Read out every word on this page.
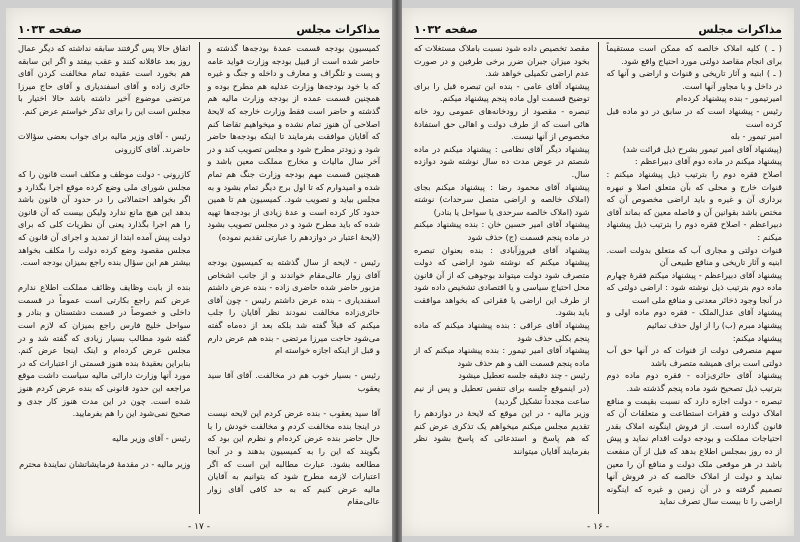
مذاکرات مجلس
صفحه ۱۰۳۳
کمیسیون بودجه قسمت عمدهٔ بودجه‌ها گذشته و حاضر شده است از قبیل بودجه وزارت فواید عامه و پست و تلگراف و معارف و داخله و جنگ و غیره که با خود بودجه‌ها وزارت عدلیه هم مطرح بوده و همچنین قسمت عمده از بودجه وزارت مالیه هم گذشته و حاضر است فقط وزارت خارجه که لایحهٔ اصلاحی آن هنوز تمام نشده و میخواهیم تقاضا کنم که آقایان موافقت بفرمایند تا اینکه بودجه‌ها حاضر شود و زودتر مطرح شود و مجلس تصویب کند و در آخر سال مالیات و مخارج مملکت معین باشد و همچنین قسمت مهم بودجه وزارت جنگ هم تمام شده و امیدوارم که تا اول برج دیگر تمام بشود و به مجلس بیاید و تصویب شود. کمیسیون هم تا همین حدود کار کرده است و عدهٔ زیادی از بودجه‌ها تهیه شده که باید مطرح شود و در مجلس تصویب بشود (لایحهٔ اعتبار در دوازدهم را عبارتی تقدیم نموده)

رئیس - لایحه از سال گذشته به کمیسیون بودجه آقای زوار عالی‌مقام خواندند و از جانب اشخاص مزبور حاضر شده حاضری زاده - بنده عرض داشتم اسفندیاری - بنده عرض داشتم رئیس - چون آقای حائری‌زاده مخالفت نمودند نظر آقایان را جلب میکنم که قبلاً گفته شد بلکه بعد از ده‌ماه گفته می‌شود حاجت میرزا مرتضی - بنده هم عرض دارم و قبل از اینکه اجازه خواسته ام

رئیس - بسیار خوب هم در مخالفت. آقای آقا سید یعقوب

آقا سید یعقوب - بنده عرض کردم این لایحه نیست در اینجا بنده مخالفت کردم و مخالفت خودش را با حال حاضر بنده عرض کرده‌ام و نظرم این بود که بگویند که این را به کمیسیون بدهند و در آنجا مطالعه بشود. عبارت مطالبه این است که اگر اعتبارات لازمه مطرح شود که بتوانیم به آقایان مالیه عرض کنیم که به حد کافی آقای زوار عالی‌مقام
اتفاق حالا پس گرفتند سابقه نداشته که دیگر عمال روز بعد عاقلانه کنند و عقب بیفتد و اگر این سابقه هم بخورد است عقیده تمام مخالفت کردن آقای حائری زاده و آقای اسفندیاری و آقای حاج میرزا مرتضی موضوع آخیر داشته باشد حالا اختیار با مجلس است این را برای تذکر خواستم عرض کنم.

رئیس - آقای وزیر مالیه برای جواب بعضی سؤالات حاضرند. آقای کازرونی

کازرونی - دولت موظف و مکلف است قانون را که مجلس شورای ملی وضع کرده موقع اجرا بگذارد و اگر بخواهد احتمالاتی را در حدود آن قانون باشد بدهد این هیچ مانع ندارد ولیکن بیست که آن قانون را هم اجرا بگذارد یعنی آن نظریات کلی که برای دولت پیش آمده ابتدا از تمدید و اجرای آن قانون که مجلس مقصود وضع کرده دولت را مکلف بخواهد بیشتر هم این سؤال بنده راجع بمیزان بودجه است.

بنده از بابت وظایف وظائف مملکت اطلاع ندارم عرض کنم راجع بکارتی است عموماً در قسمت داخلی و خصوصاً در قسمت دشتستان و بنادر و سواحل خلیج فارس راجع بمیزان که لازم است گفته شود مطالب بسیار زیادی که گفته شد و در مجلس عرض کرده‌ام و اینک اینجا عرض کنم. بنابراین بعقیدهٔ بنده هنوز قسمتی از اعتبارات که در مورد آنها وزارت دارائی مالیه سیاست داشت موقع مراجعه این حدود قانونی که بنده عرض کردم هنوز شده است. چون در این مدت هنوز کار جدی و صحیح نمی‌شود این را هم بفرمایید.

رئیس - آقای وزیر مالیه

وزیر مالیه - در مقدمهٔ فرمایشاتشان نمایندهٔ محترم
- ۱۷ -
مذاکرات مجلس
صفحه ۱۰۳۲
( ـ ) کلیه املاک خالصه که ممکن است مستقیماً برای انجام مقاصد دولتی مورد احتیاج واقع شود.
( ـ ) ابنیه و آثار تاریخی و قنوات و اراضی و آنها که در داخل و یا مجاور آنها است.
امیرتیمور - بنده پیشنهاد کرده‌ام
رئیس - پیشنهاد است که در سابق در دو ماده قبل کرده است
امیر تیمور - بله
(پیشنهاد آقای امیر تیمور بشرح ذیل قرائت شد)
پیشنهاد میکنم در ماده دوم آقای دبیراعظم :
اصلاح فقره دوم را بترتیب ذیل پیشنهاد میکنم : قنوات خارج و محلی که بآن متعلق اصلا و نبهره برداری آن و غیره و باید اراضی مخصوص آن که مختص باشد بقوانین آن و فاصله معین که بماند آقای دبیراعظم - اصلاح فقره دوم را بترتیب ذیل پیشنهاد میکنم :
قنوات دولتی و مجاری آب که متعلق بدولت است. ابنیه و آثار تاریخی و منافع طبیعی آن
پیشنهاد آقای دبیراعظم - پیشنهاد میکنم فقرهٔ چهارم ماده دوم بترتیب ذیل نوشته شود : اراضی دولتی که در آنجا وجود ذخائر معدنی و منافع ملی است
پیشنهاد آقای عدل‌الملک - فقره دوم ماده اولی و پیشنهاد مبرم (ب) را از اول حذف نمائیم
پیشنهاد میکنم:
سهم منصرفی دولت از قنوات که در آنها حق آب دولتی است برای همیشه متصرف باشد
پیشنهاد آقای حائری‌زاده - فقره دوم ماده دوم بترتیب ذیل تصحیح شود ماده پنجم گذشته شد.
تبصره - دولت اجازه دارد که نسبت بقیمت و منافع املاک دولت و فقرات استطاعت و متعلقات آن که قانون گذارده است. از فروش اینگونه املاک بقدر احتیاجات مملکت و بودجه دولت اقدام نماید و پیش از ده روز بمجلس اطلاع بدهد که قبل از آن منفعت باشد در هر موقعی ملک دولت و منافع آن را معین نماید و دولت از املاک خالصه که در فروش آنها تصمیم گرفته و در آن زمین و غیره که اینگونه اراضی را تا بیست سال تصرف نماید
مقصد تخصیص داده شود نسبت باملاک مستغلات که بخود میزان جبران ضرر برخی طرفین و در صورت عدم اراضی تکمیلی خواهد شد.
پیشنهاد آقای عامی - بنده این تبصره قبل را برای توضیح قسمت اول ماده پنجم پیشنهاد میکنم.
تبصره - مقصود از رودخانه‌های عمومی رود خانه هائی است که از طرف دولت و اهالی حق استفادهٔ مخصوص از آنها نیست.
پیشنهاد دیگر آقای نظامی : پیشنهاد میکنم در ماده شصتم در عوض مدت ده سال نوشته شود دوازده سال.
پیشنهاد آقای محمود رضا : پیشنهاد میکنم بجای (املاک خالصه و اراضی متصل سرحدات) نوشته شود (املاک خالصه سرحدی یا سواحل یا بنادر)
پیشنهاد آقای امیر حسین خان : بنده پیشنهاد میکنم در ماده پنجم قسمت (ج) حذف شود
پیشنهاد آقای فیروزآبادی : بنده بعنوان تبصره پیشنهاد میکنم که نوشته شود اراضی که دولت متصرف شود دولت میتواند بوجوهی که از آن قانون محل احتیاج سیاسی و یا اقتصادی تشخیص داده شود از طرف این اراضی یا فقراتی که بخواهد موافقت باید بشود.
پیشنهاد آقای عراقی : بنده پیشنهاد میکنم که ماده پنجم بکلی حذف شود
پیشنهاد آقای امیر تیمور : بنده پیشنهاد میکنم که از ماده پنجم قسمت الف و هم حذف شود
رئیس - چند دقیقه جلسه تعطیل میشود
(در اینموقع جلسه برای تنفس تعطیل و پس از نیم ساعت مجدداً تشکیل گردید)
وزیر مالیه - در این موقع که لایحهٔ در دوازدهم را تقدیم مجلس میکنم میخواهم یک تذکری عرض کنم که هم پاسخ و استدعائی که پاسخ بشود نظر بفرمایند آقایان میتوانند
- ۱۶ -
